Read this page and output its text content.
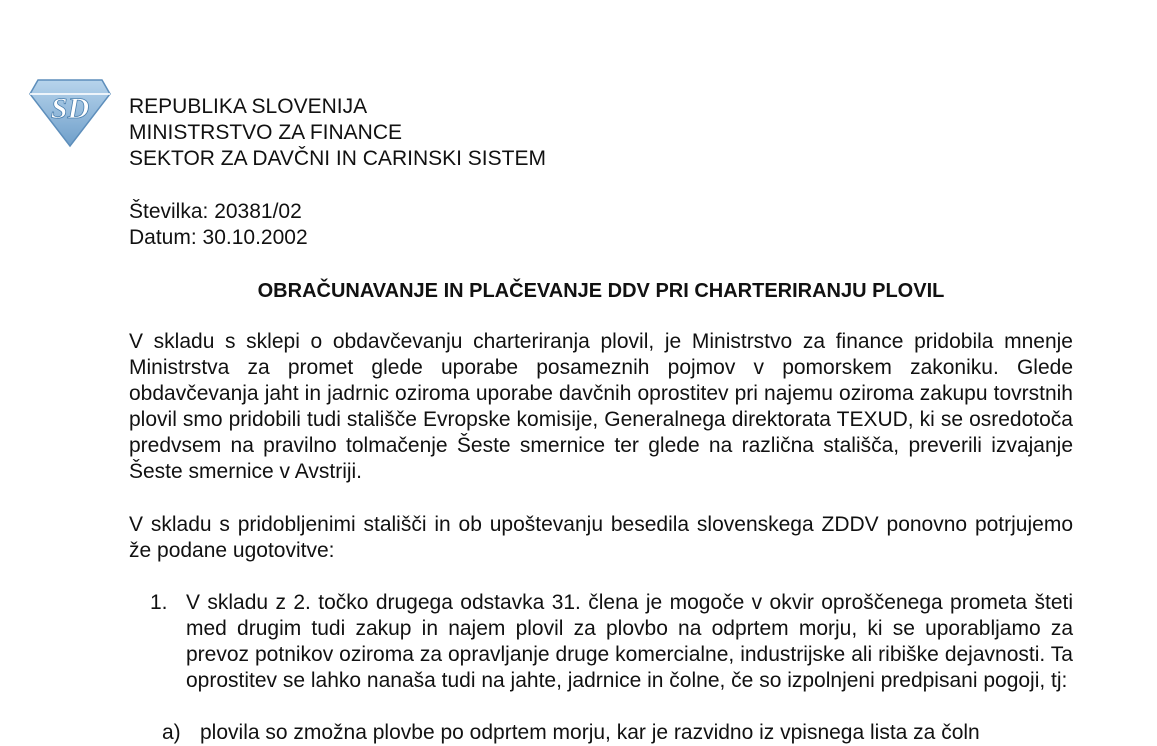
SD REPUBLIKA SLOVENIJA
MINISTRSTVO ZA FINANCE
SEKTOR ZA DAVČNI IN CARINSKI SISTEM
Številka: 20381/02
Datum: 30.10.2002
OBRAČUNAVANJE IN PLAČEVANJE DDV PRI CHARTERIRANJU PLOVIL

V skladu s sklepi o obdavčevanju charteriranja plovil, je Ministrstvo za finance pridobila mnenje Ministrstva za promet glede uporabe posameznih pojmov v pomorskem zakoniku. Glede obdavčevanja jaht in jadrnic oziroma uporabe davčnih oprostitev pri najemu oziroma zakupu tovrstnih plovil smo pridobili tudi stališče Evropske komisije, Generalnega direktorata TEXUD, ki se osredotoča predvsem na pravilno tolmačenje Šeste smernice ter glede na različna stališča, preverili izvajanje Šeste smernice v Avstriji.

V skladu s pridobljenimi stališči in ob upoštevanju besedila slovenskega ZDDV ponovno potrjujemo že podane ugotovitve:

1. V skladu z 2. točko drugega odstavka 31. člena je mogoče v okvir oproščenega prometa šteti med drugim tudi zakup in najem plovil za plovbo na odprtem morju, ki se uporabljamo za prevoz potnikov oziroma za opravljanje druge komercialne, industrijske ali ribiške dejavnosti. Ta oprostitev se lahko nanaša tudi na jahte, jadrnice in čolne, če so izpolnjeni predpisani pogoji, tj:

a) plovila so zmožna plovbe po odprtem morju, kar je razvidno iz vpisnega lista za čoln
